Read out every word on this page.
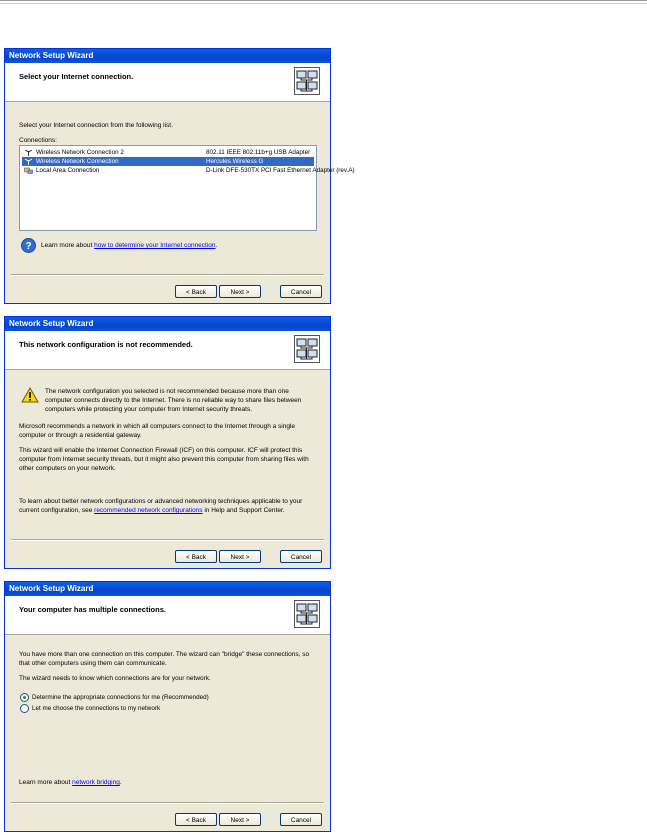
Network Setup Wizard
Select your Internet connection.
Select your Internet connection from the following list.
Connections:
Wireless Network Connection 2	802.11 IEEE 802.11b+g USB Adapter
Wireless Network Connection	Hercules Wireless G
Local Area Connection	D-Link DFE-530TX PCI Fast Ethernet Adapter (rev.A)
? Learn more about how to determine your Internet connection.
< Back	Next >	Cancel
Network Setup Wizard
This network configuration is not recommended.
The network configuration you selected is not recommended because more than one computer connects directly to the Internet. There is no reliable way to share files between computers while protecting your computer from Internet security threats.
Microsoft recommends a network in which all computers connect to the Internet through a single computer or through a residential gateway.
This wizard will enable the Internet Connection Firewall (ICF) on this computer. ICF will protect this computer from Internet security threats, but it might also prevent this computer from sharing files with other computers on your network.
To learn about better network configurations or advanced networking techniques applicable to your current configuration, see recommended network configurations in Help and Support Center.
< Back	Next >	Cancel
Network Setup Wizard
Your computer has multiple connections.
You have more than one connection on this computer. The wizard can "bridge" these connections, so that other computers using them can communicate.
The wizard needs to know which connections are for your network.
Determine the appropriate connections for me (Recommended)
Let me choose the connections to my network
Learn more about network bridging.
< Back	Next >	Cancel
